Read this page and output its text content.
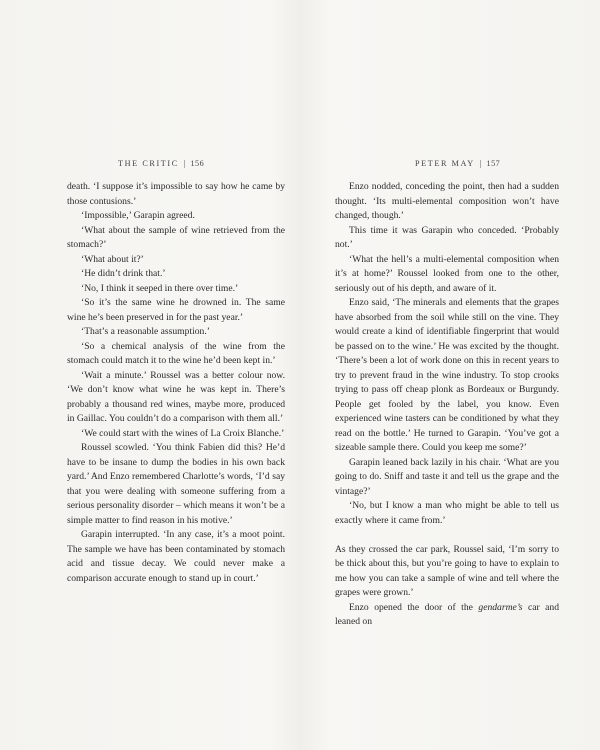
THE CRITIC | 156

death. ‘I suppose it’s impossible to say how he came by those contusions.’

‘Impossible,’ Garapin agreed.

‘What about the sample of wine retrieved from the stomach?’

‘What about it?’

‘He didn’t drink that.’

‘No, I think it seeped in there over time.’

‘So it’s the same wine he drowned in. The same wine he’s been preserved in for the past year.’

‘That’s a reasonable assumption.’

‘So a chemical analysis of the wine from the stomach could match it to the wine he’d been kept in.’

‘Wait a minute.’ Roussel was a better colour now. ‘We don’t know what wine he was kept in. There’s probably a thousand red wines, maybe more, produced in Gaillac. You couldn’t do a comparison with them all.’

‘We could start with the wines of La Croix Blanche.’

Roussel scowled. ‘You think Fabien did this? He’d have to be insane to dump the bodies in his own back yard.’ And Enzo remembered Charlotte’s words, ‘I’d say that you were dealing with someone suffering from a serious personality disorder – which means it won’t be a simple matter to find reason in his motive.’

Garapin interrupted. ‘In any case, it’s a moot point. The sample we have has been contaminated by stomach acid and tissue decay. We could never make a comparison accurate enough to stand up in court.’

PETER MAY | 157

Enzo nodded, conceding the point, then had a sudden thought. ‘Its multi-elemental composition won’t have changed, though.’

This time it was Garapin who conceded. ‘Probably not.’

‘What the hell’s a multi-elemental composition when it’s at home?’ Roussel looked from one to the other, seriously out of his depth, and aware of it.

Enzo said, ‘The minerals and elements that the grapes have absorbed from the soil while still on the vine. They would create a kind of identifiable fingerprint that would be passed on to the wine.’ He was excited by the thought. ‘There’s been a lot of work done on this in recent years to try to prevent fraud in the wine industry. To stop crooks trying to pass off cheap plonk as Bordeaux or Burgundy. People get fooled by the label, you know. Even experienced wine tasters can be conditioned by what they read on the bottle.’ He turned to Garapin. ‘You’ve got a sizeable sample there. Could you keep me some?’

Garapin leaned back lazily in his chair. ‘What are you going to do. Sniff and taste it and tell us the grape and the vintage?’

‘No, but I know a man who might be able to tell us exactly where it came from.’

As they crossed the car park, Roussel said, ‘I’m sorry to be thick about this, but you’re going to have to explain to me how you can take a sample of wine and tell where the grapes were grown.’

Enzo opened the door of the gendarme’s car and leaned on
